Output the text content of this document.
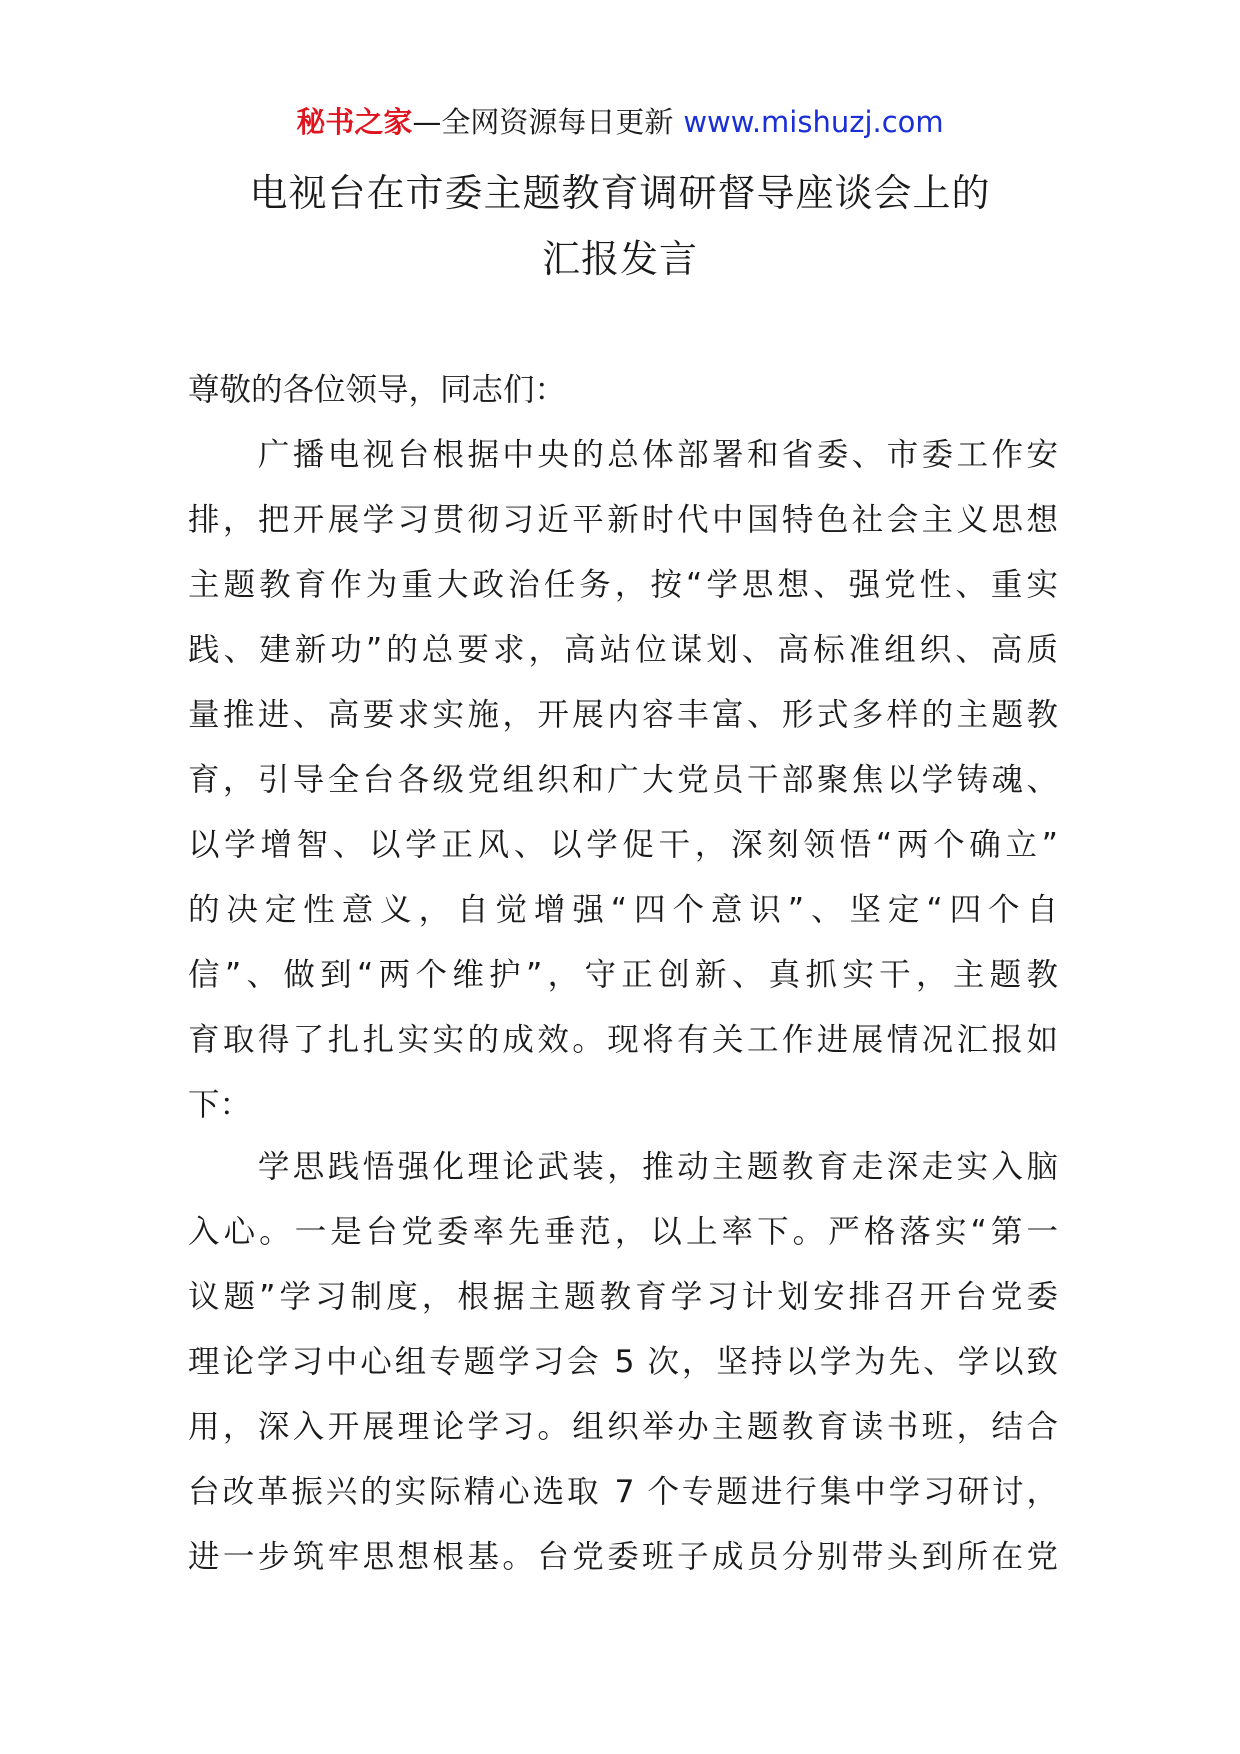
秘书之家—全网资源每日更新 www.mishuzj.com
电视台在市委主题教育调研督导座谈会上的
汇报发言
尊敬的各位领导，同志们：
　　广播电视台根据中央的总体部署和省委、市委工作安
排，把开展学习贯彻习近平新时代中国特色社会主义思想
主题教育作为重大政治任务，按“学思想、强党性、重实
践、建新功”的总要求，高站位谋划、高标准组织、高质
量推进、高要求实施，开展内容丰富、形式多样的主题教
育，引导全台各级党组织和广大党员干部聚焦以学铸魂、
以学增智、以学正风、以学促干，深刻领悟“两个确立”
的决定性意义，自觉增强“四个意识”、坚定“四个自
信”、做到“两个维护”，守正创新、真抓实干，主题教
育取得了扎扎实实的成效。现将有关工作进展情况汇报如
下：
　　学思践悟强化理论武装，推动主题教育走深走实入脑
入心。一是台党委率先垂范，以上率下。严格落实“第一
议题”学习制度，根据主题教育学习计划安排召开台党委
理论学习中心组专题学习会 5 次，坚持以学为先、学以致
用，深入开展理论学习。组织举办主题教育读书班，结合
台改革振兴的实际精心选取 7 个专题进行集中学习研讨，
进一步筑牢思想根基。台党委班子成员分别带头到所在党
